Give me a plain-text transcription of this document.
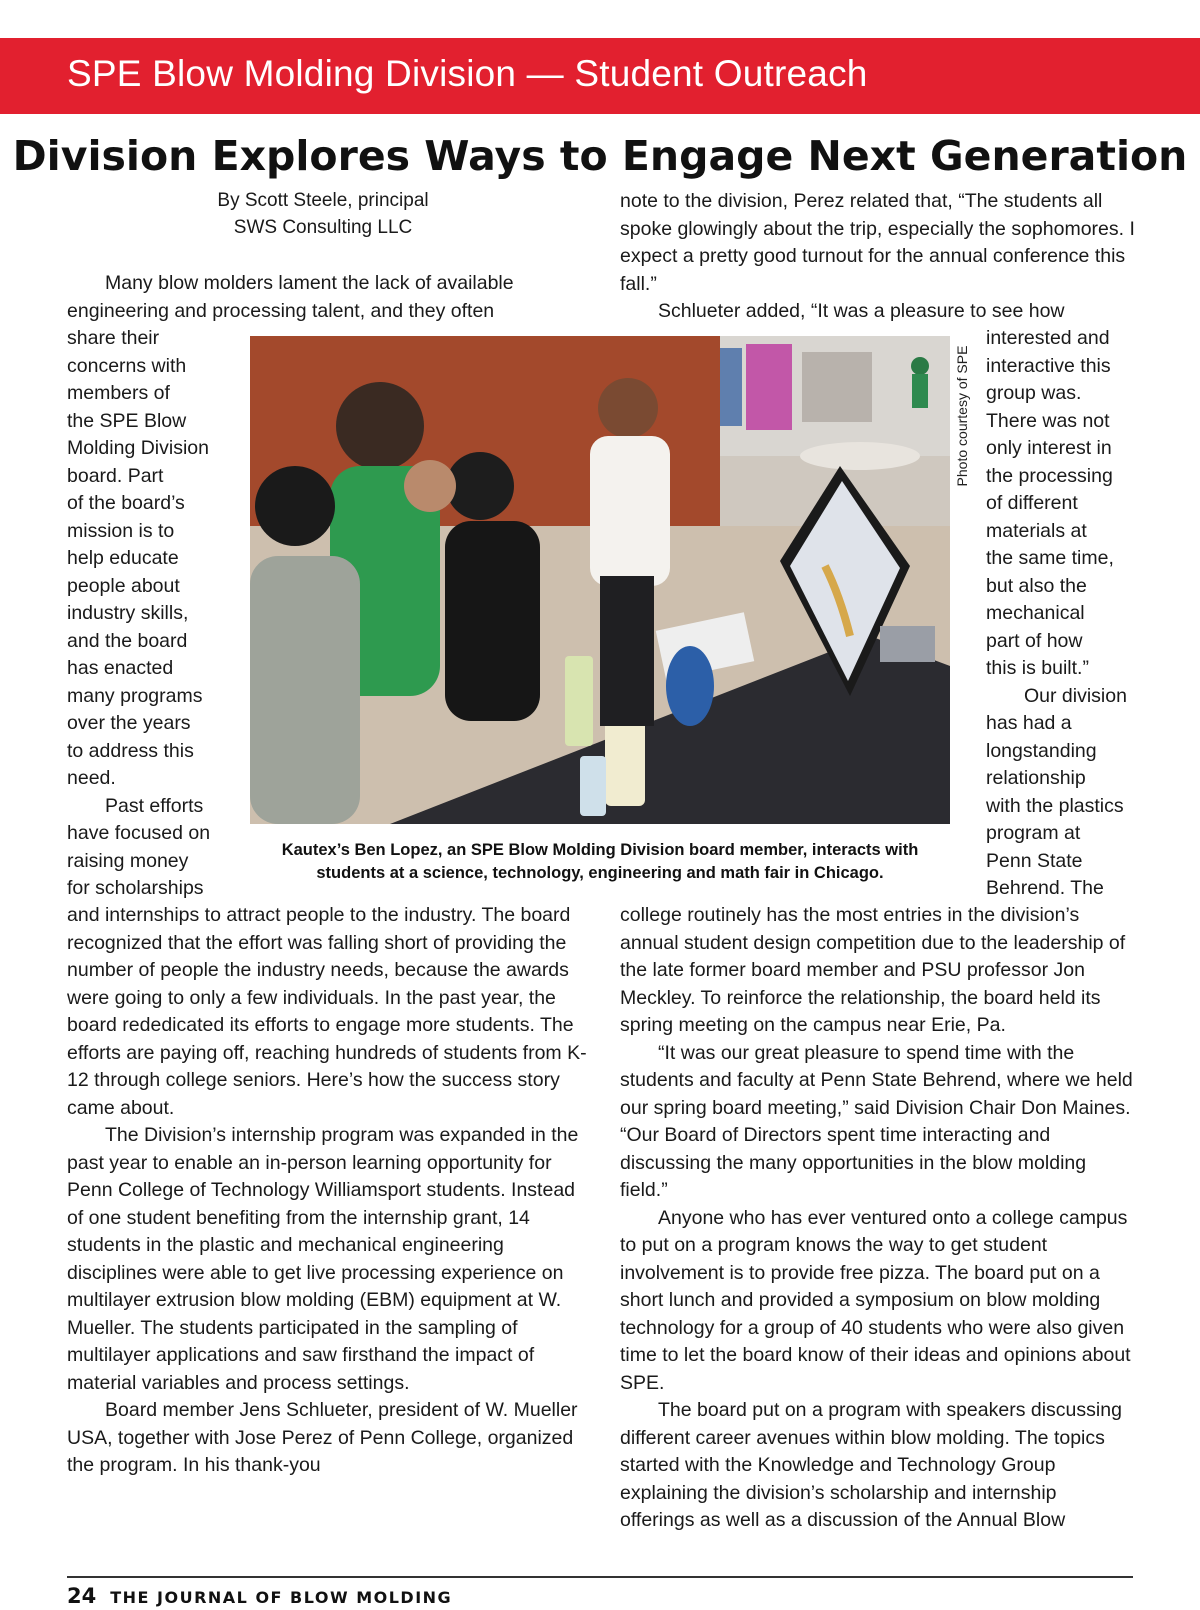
SPE Blow Molding Division — Student Outreach
Division Explores Ways to Engage Next Generation
By Scott Steele, principal
SWS Consulting LLC
Many blow molders lament the lack of available
engineering and processing talent, and they often
share their
concerns with
members of
the SPE Blow
Molding Division
board. Part
of the board’s
mission is to
help educate
people about
industry skills,
and the board
has enacted
many programs
over the years
to address this
need.
Past efforts
have focused on
raising money
for scholarships

and internships to attract people to the industry. The board recognized that the effort was falling short of providing the number of people the industry needs, because the awards were going to only a few individuals. In the past year, the board rededicated its efforts to engage more students. The efforts are paying off, reaching hundreds of students from K-12 through college seniors. Here’s how the success story came about.

The Division’s internship program was expanded in the past year to enable an in-person learning opportunity for Penn College of Technology Williamsport students. Instead of one student benefiting from the internship grant, 14 students in the plastic and mechanical engineering disciplines were able to get live processing experience on multilayer extrusion blow molding (EBM) equipment at W. Mueller. The students participated in the sampling of multilayer applications and saw firsthand the impact of material variables and process settings.

Board member Jens Schlueter, president of W. Mueller USA, together with Jose Perez of Penn College, organized the program. In his thank-you

note to the division, Perez related that, “The students all spoke glowingly about the trip, especially the sophomores. I expect a pretty good turnout for the annual conference this fall.”

Schlueter added, “It was a pleasure to see how

interested and
interactive this
group was.
There was not
only interest in
the processing
of different
materials at
the same time,
but also the
mechanical
part of how
this is built.”
Our division
has had a
longstanding
relationship
with the plastics
program at
Penn State
Behrend. The

college routinely has the most entries in the division’s annual student design competition due to the leadership of the late former board member and PSU professor Jon Meckley. To reinforce the relationship, the board held its spring meeting on the campus near Erie, Pa.

“It was our great pleasure to spend time with the students and faculty at Penn State Behrend, where we held our spring board meeting,” said Division Chair Don Maines. “Our Board of Directors spent time interacting and discussing the many opportunities in the blow molding field.”

Anyone who has ever ventured onto a college campus to put on a program knows the way to get student involvement is to provide free pizza. The board put on a short lunch and provided a symposium on blow molding technology for a group of 40 students who were also given time to let the board know of their ideas and opinions about SPE.

The board put on a program with speakers discussing different career avenues within blow molding. The topics started with the Knowledge and Technology Group explaining the division’s scholarship and internship offerings as well as a discussion of the Annual Blow

Photo courtesy of SPE
Kautex’s Ben Lopez, an SPE Blow Molding Division board member, interacts with students at a science, technology, engineering and math fair in Chicago.
24 THE JOURNAL OF BLOW MOLDING
